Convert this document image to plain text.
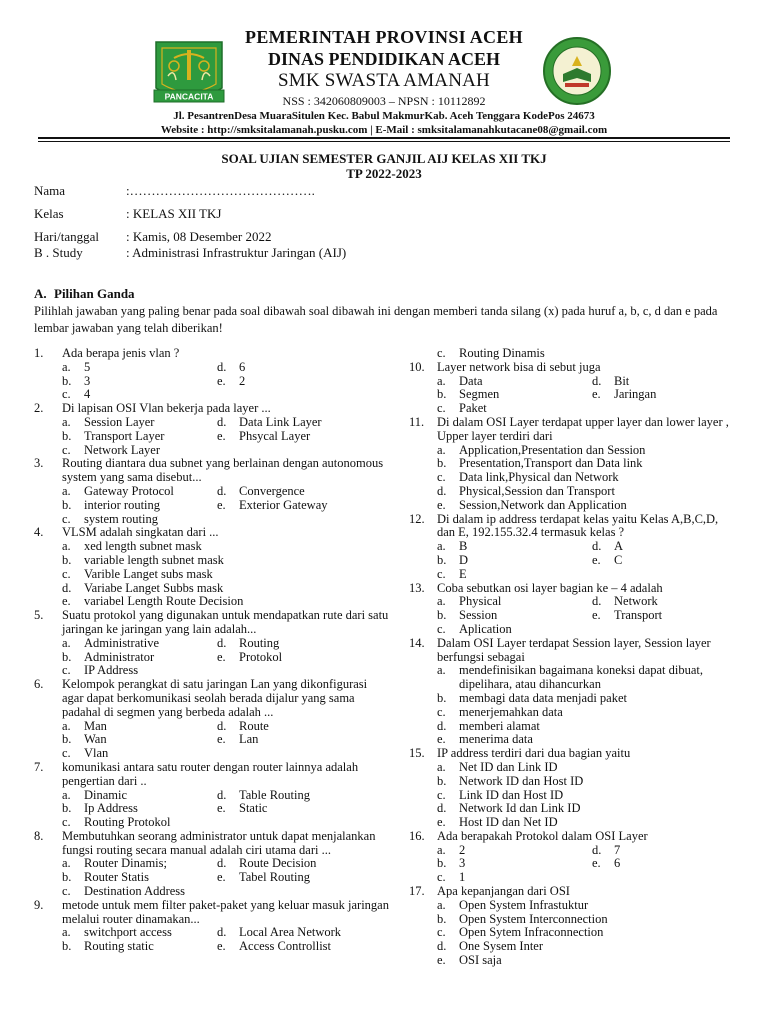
PANCACITA
PEMERINTAH PROVINSI ACEH
DINAS PENDIDIKAN ACEH
SMK SWASTA AMANAH
NSS : 342060809003 – NPSN : 10112892
Jl. PesantrenDesa MuaraSitulen Kec. Babul MakmurKab. Aceh Tenggara KodePos 24673
Website : http://smksitalamanah.pusku.com | E-Mail : smksitalamanahkutacane08@gmail.com
SOAL UJIAN SEMESTER GANJIL AIJ KELAS XII TKJ
TP 2022-2023
Nama	:…………………………………….
Kelas	: KELAS XII TKJ
Hari/tanggal : Kamis, 08 Desember 2022
B . Study	: Administrasi Infrastruktur Jaringan (AIJ)
A. Pilihan Ganda
Pilihlah jawaban yang paling benar pada soal dibawah soal dibawah ini dengan memberi tanda silang (x) pada huruf a, b, c, d dan e pada lembar jawaban yang telah diberikan!
1.	Ada berapa jenis vlan ?
a.	5	d.	6
b.	3	e.	2
c.	4
2.	Di lapisan OSI Vlan bekerja pada layer ...
a.	Session Layer	d.	Data Link Layer
b.	Transport Layer	e.	Phsycal Layer
c.	Network Layer
3.	Routing diantara dua subnet yang berlainan dengan autonomous system yang sama disebut...
a.	Gateway Protocol	d.	Convergence
b.	interior routing	e.	Exterior Gateway
c.	system routing
4.	VLSM adalah singkatan dari ...
a.	xed length subnet mask
b.	variable length subnet mask
c.	Varible Langet subs mask
d.	Variabe Langet Subbs mask
e.	variabel Length Route Decision
5.	Suatu protokol yang digunakan untuk mendapatkan rute dari satu jaringan ke jaringan yang lain adalah...
a.	Administrative	d.	Routing
b.	Administrator	e.	Protokol
c.	IP Address
6.	Kelompok perangkat di satu jaringan Lan yang dikonfigurasi agar dapat berkomunikasi seolah berada dijalur yang sama padahal di segmen yang berbeda adalah ...
a.	Man	d.	Route
b.	Wan	e.	Lan
c.	Vlan
7.	komunikasi antara satu router dengan router lainnya adalah pengertian dari ..
a.	Dinamic	d.	Table Routing
b.	Ip Address	e.	Static
c.	Routing Protokol
8.	Membutuhkan seorang administrator untuk dapat menjalankan fungsi routing secara manual adalah ciri utama dari ...
a.	Router Dinamis;	d.	Route Decision
b.	Router Statis	e.	Tabel Routing
c.	Destination Address
9.	metode untuk mem filter paket-paket yang keluar masuk jaringan melalui router dinamakan...
a.	switchport access	d.	Local Area Network
b.	Routing static	e.	Access Controllist
c.	Routing Dinamis
10. Layer network bisa di sebut juga
a.	Data	d.	Bit
b.	Segmen	e.	Jaringan
c.	Paket
11.	Di dalam OSI Layer terdapat upper layer dan lower layer , Upper layer terdiri dari
a.	Application,Presentation dan Session
b.	Presentation,Transport dan Data link
c.	Data link,Physical dan Network
d.	Physical,Session dan Transport
e.	Session,Network dan Application
12. Di dalam ip address terdapat kelas yaitu Kelas A,B,C,D, dan E, 192.155.32.4 termasuk kelas ?
a.	B	d.	A
b.	D	e.	C
c.	E
13. Coba sebutkan osi layer bagian ke – 4 adalah
a.	Physical	d.	Network
b.	Session	e.	Transport
c.	Aplication
14. Dalam OSI Layer terdapat Session layer, Session layer berfungsi sebagai
a.	mendefinisikan bagaimana koneksi dapat dibuat, dipelihara, atau dihancurkan
b.	membagi data data menjadi paket
c.	menerjemahkan data
d.	memberi alamat
e.	menerima data
15. IP address terdiri dari dua bagian yaitu
a.	Net ID dan Link ID
b.	Network ID dan Host ID
c.	Link ID dan Host ID
d.	Network Id dan Link ID
e.	Host ID dan Net ID
16. Ada berapakah Protokol dalam OSI Layer
a.	2	d.	7
b.	3	e.	6
c.	1
17. Apa kepanjangan dari OSI
a.	Open System Infrastuktur
b.	Open System Interconnection
c.	Open Sytem Infraconnection
d.	One Sysem Inter
e.	OSI saja
